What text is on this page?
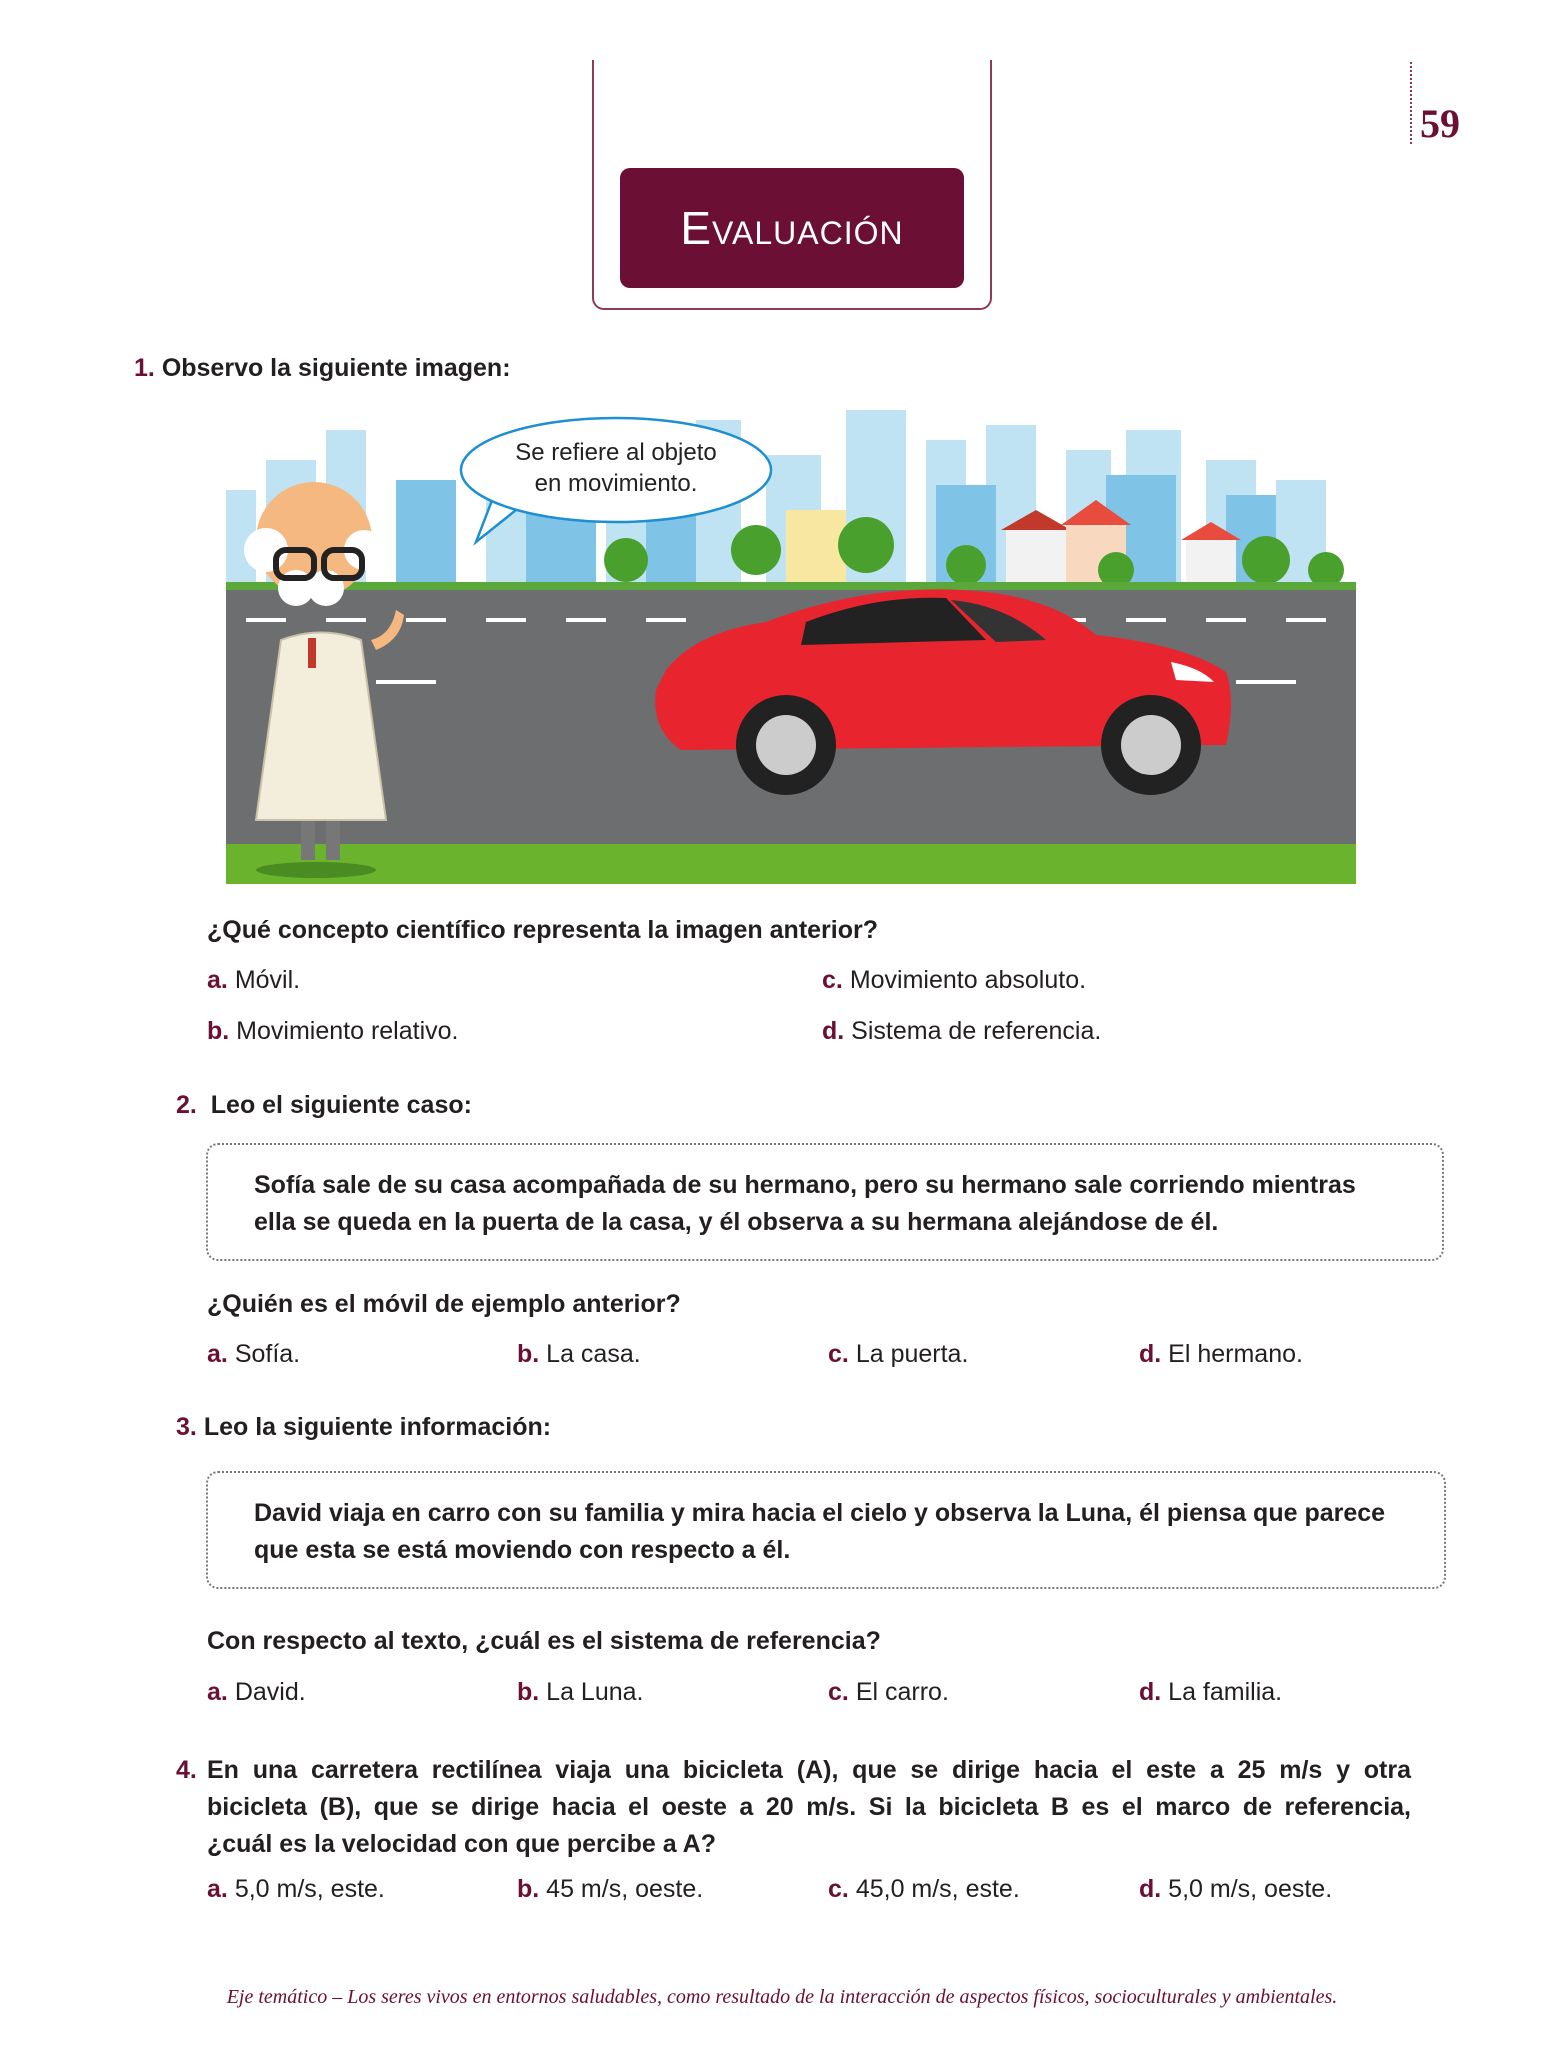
Evaluación
59
1. Observo la siguiente imagen:
Se refiere al objeto
en movimiento.
¿Qué concepto científico representa la imagen anterior?
a. Móvil.
b. Movimiento relativo.
c. Movimiento absoluto.
d. Sistema de referencia.
2. Leo el siguiente caso:
Sofía sale de su casa acompañada de su hermano, pero su hermano sale corriendo mientras
ella se queda en la puerta de la casa, y él observa a su hermana alejándose de él.
¿Quién es el móvil de ejemplo anterior?
a. Sofía.	b. La casa.	c. La puerta.	d. El hermano.
3. Leo la siguiente información:
David viaja en carro con su familia y mira hacia el cielo y observa la Luna, él piensa que parece
que esta se está moviendo con respecto a él.
Con respecto al texto, ¿cuál es el sistema de referencia?
a. David.	b. La Luna.	c. El carro.	d. La familia.
4. En una carretera rectilínea viaja una bicicleta (A), que se dirige hacia el este a 25 m/s y otra
bicicleta (B), que se dirige hacia el oeste a 20 m/s. Si la bicicleta B es el marco de referencia,
¿cuál es la velocidad con que percibe a A?
a. 5,0 m/s, este.	b. 45 m/s, oeste.	c. 45,0 m/s, este.	d. 5,0 m/s, oeste.
Eje temático – Los seres vivos en entornos saludables, como resultado de la interacción de aspectos físicos, socioculturales y ambientales.
